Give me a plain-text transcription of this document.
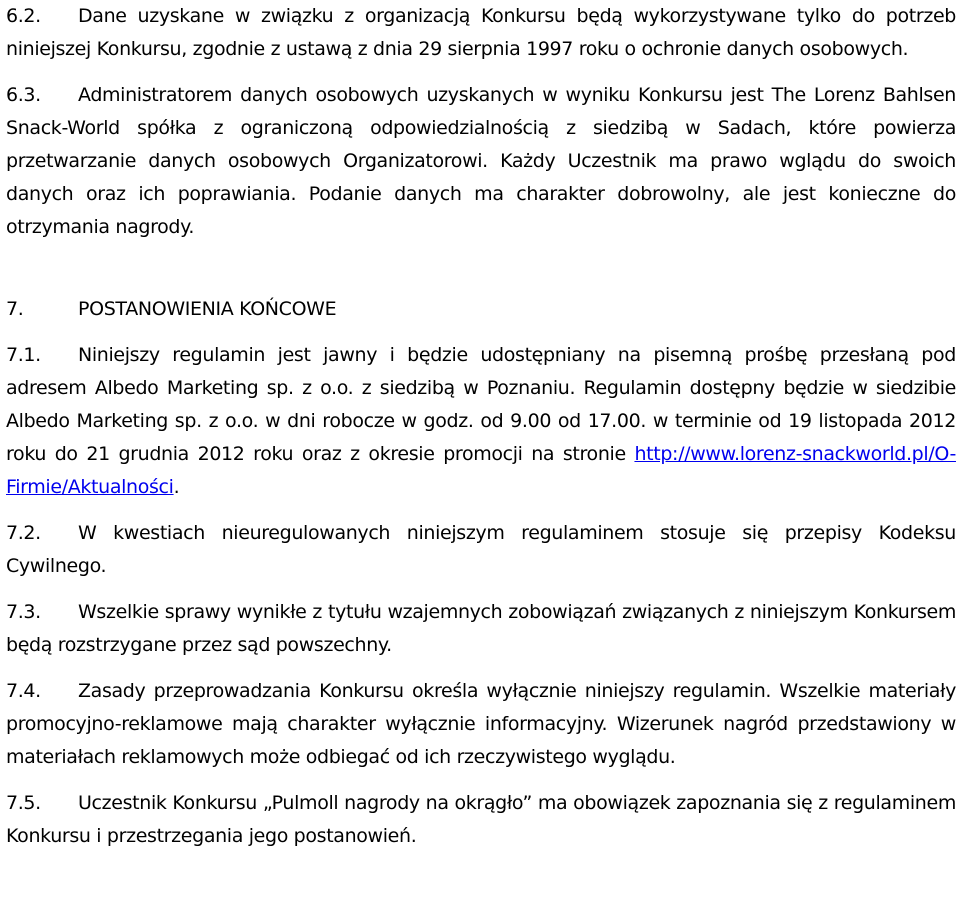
6.2. Dane uzyskane w związku z organizacją Konkursu będą wykorzystywane tylko do potrzeb niniejszej Konkursu, zgodnie z ustawą z dnia 29 sierpnia 1997 roku o ochronie danych osobowych.

6.3. Administratorem danych osobowych uzyskanych w wyniku Konkursu jest The Lorenz Bahlsen Snack-World spółka z ograniczoną odpowiedzialnością z siedzibą w Sadach, które powierza przetwarzanie danych osobowych Organizatorowi. Każdy Uczestnik ma prawo wglądu do swoich danych oraz ich poprawiania. Podanie danych ma charakter dobrowolny, ale jest konieczne do otrzymania nagrody.

7.	POSTANOWIENIA KOŃCOWE

7.1. Niniejszy regulamin jest jawny i będzie udostępniany na pisemną prośbę przesłaną pod adresem Albedo Marketing sp. z o.o. z siedzibą w Poznaniu. Regulamin dostępny będzie w siedzibie Albedo Marketing sp. z o.o. w dni robocze w godz. od 9.00 od 17.00. w terminie od 19 listopada 2012 roku do 21 grudnia 2012 roku oraz z okresie promocji na stronie http://www.lorenz-snackworld.pl/O-Firmie/Aktualności.

7.2. W kwestiach nieuregulowanych niniejszym regulaminem stosuje się przepisy Kodeksu Cywilnego.

7.3. Wszelkie sprawy wynikłe z tytułu wzajemnych zobowiązań związanych z niniejszym Konkursem będą rozstrzygane przez sąd powszechny.

7.4. Zasady przeprowadzania Konkursu określa wyłącznie niniejszy regulamin. Wszelkie materiały promocyjno-reklamowe mają charakter wyłącznie informacyjny. Wizerunek nagród przedstawiony w materiałach reklamowych może odbiegać od ich rzeczywistego wyglądu.

7.5. Uczestnik Konkursu „Pulmoll nagrody na okrągło” ma obowiązek zapoznania się z regulaminem Konkursu i przestrzegania jego postanowień.
